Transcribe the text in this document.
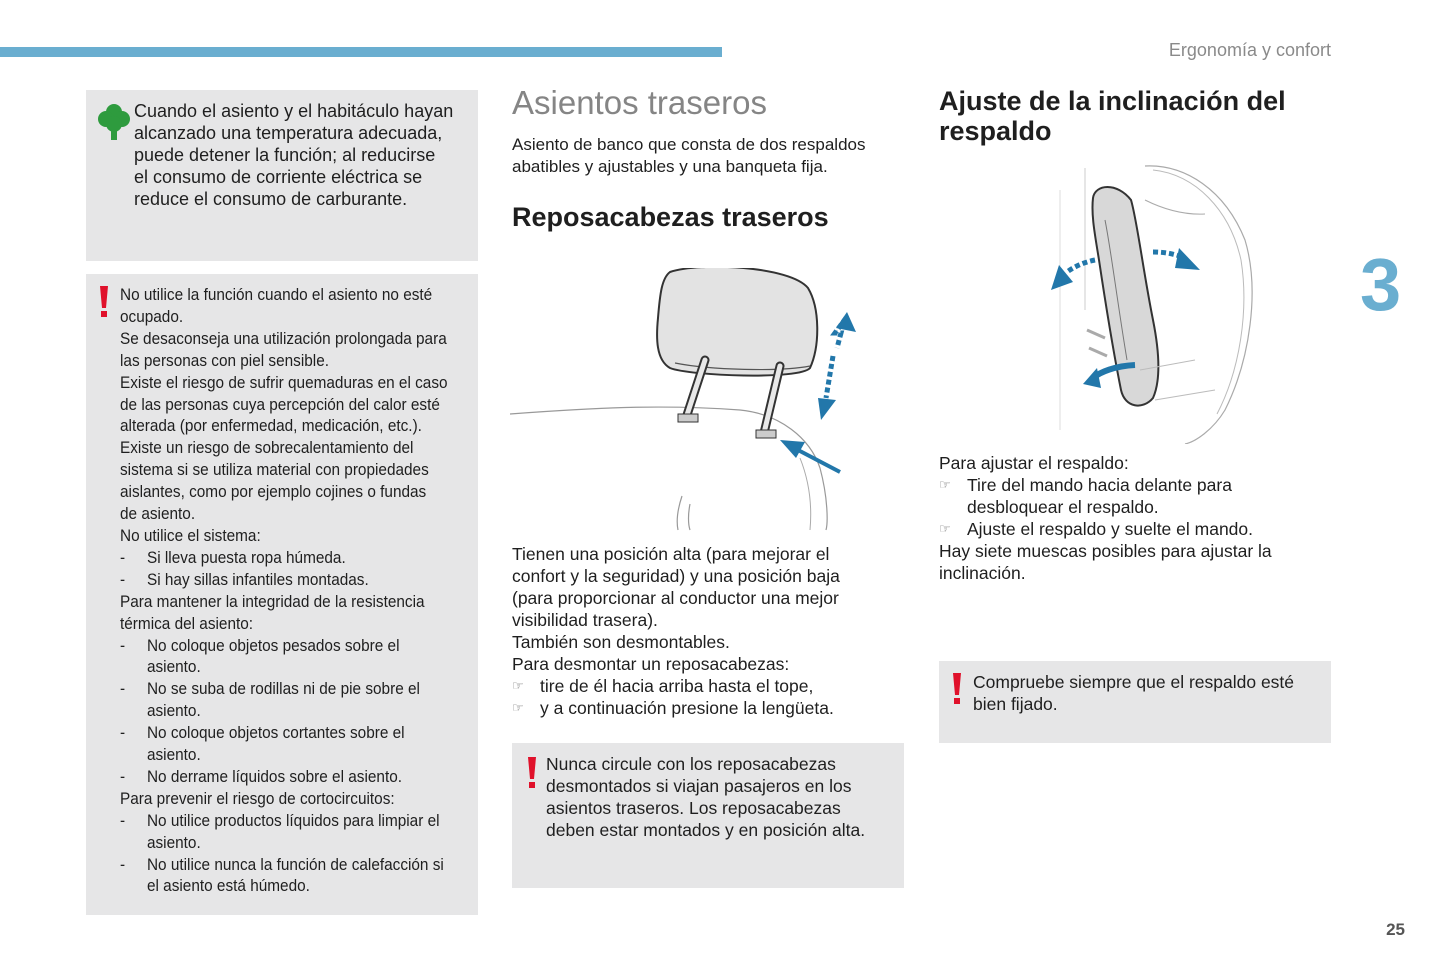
Ergonomía y confort
3
25
Cuando el asiento y el habitáculo hayan
alcanzado una temperatura adecuada,
puede detener la función; al reducirse
el consumo de corriente eléctrica se
reduce el consumo de carburante.
No utilice la función cuando el asiento no esté
ocupado.
Se desaconseja una utilización prolongada para
las personas con piel sensible.
Existe el riesgo de sufrir quemaduras en el caso
de las personas cuya percepción del calor esté
alterada (por enfermedad, medicación, etc.).
Existe un riesgo de sobrecalentamiento del
sistema si se utiliza material con propiedades
aislantes, como por ejemplo cojines o fundas
de asiento.
No utilice el sistema:
- Si lleva puesta ropa húmeda.
- Si hay sillas infantiles montadas.
Para mantener la integridad de la resistencia
térmica del asiento:
- No coloque objetos pesados sobre el
asiento.
- No se suba de rodillas ni de pie sobre el
asiento.
- No coloque objetos cortantes sobre el
asiento.
- No derrame líquidos sobre el asiento.
Para prevenir el riesgo de cortocircuitos:
- No utilice productos líquidos para limpiar el
asiento.
- No utilice nunca la función de calefacción si
el asiento está húmedo.
Asientos traseros

Asiento de banco que consta de dos respaldos
abatibles y ajustables y una banqueta fija.

Reposacabezas traseros
Tienen una posición alta (para mejorar el
confort y la seguridad) y una posición baja
(para proporcionar al conductor una mejor
visibilidad trasera).
También son desmontables.
Para desmontar un reposacabezas:
☞ tire de él hacia arriba hasta el tope,
☞ y a continuación presione la lengüeta.
Nunca circule con los reposacabezas
desmontados si viajan pasajeros en los
asientos traseros. Los reposacabezas
deben estar montados y en posición alta.
Ajuste de la inclinación del
respaldo
Para ajustar el respaldo:
☞ Tire del mando hacia delante para
desbloquear el respaldo.
☞ Ajuste el respaldo y suelte el mando.
Hay siete muescas posibles para ajustar la
inclinación.
Compruebe siempre que el respaldo esté
bien fijado.
